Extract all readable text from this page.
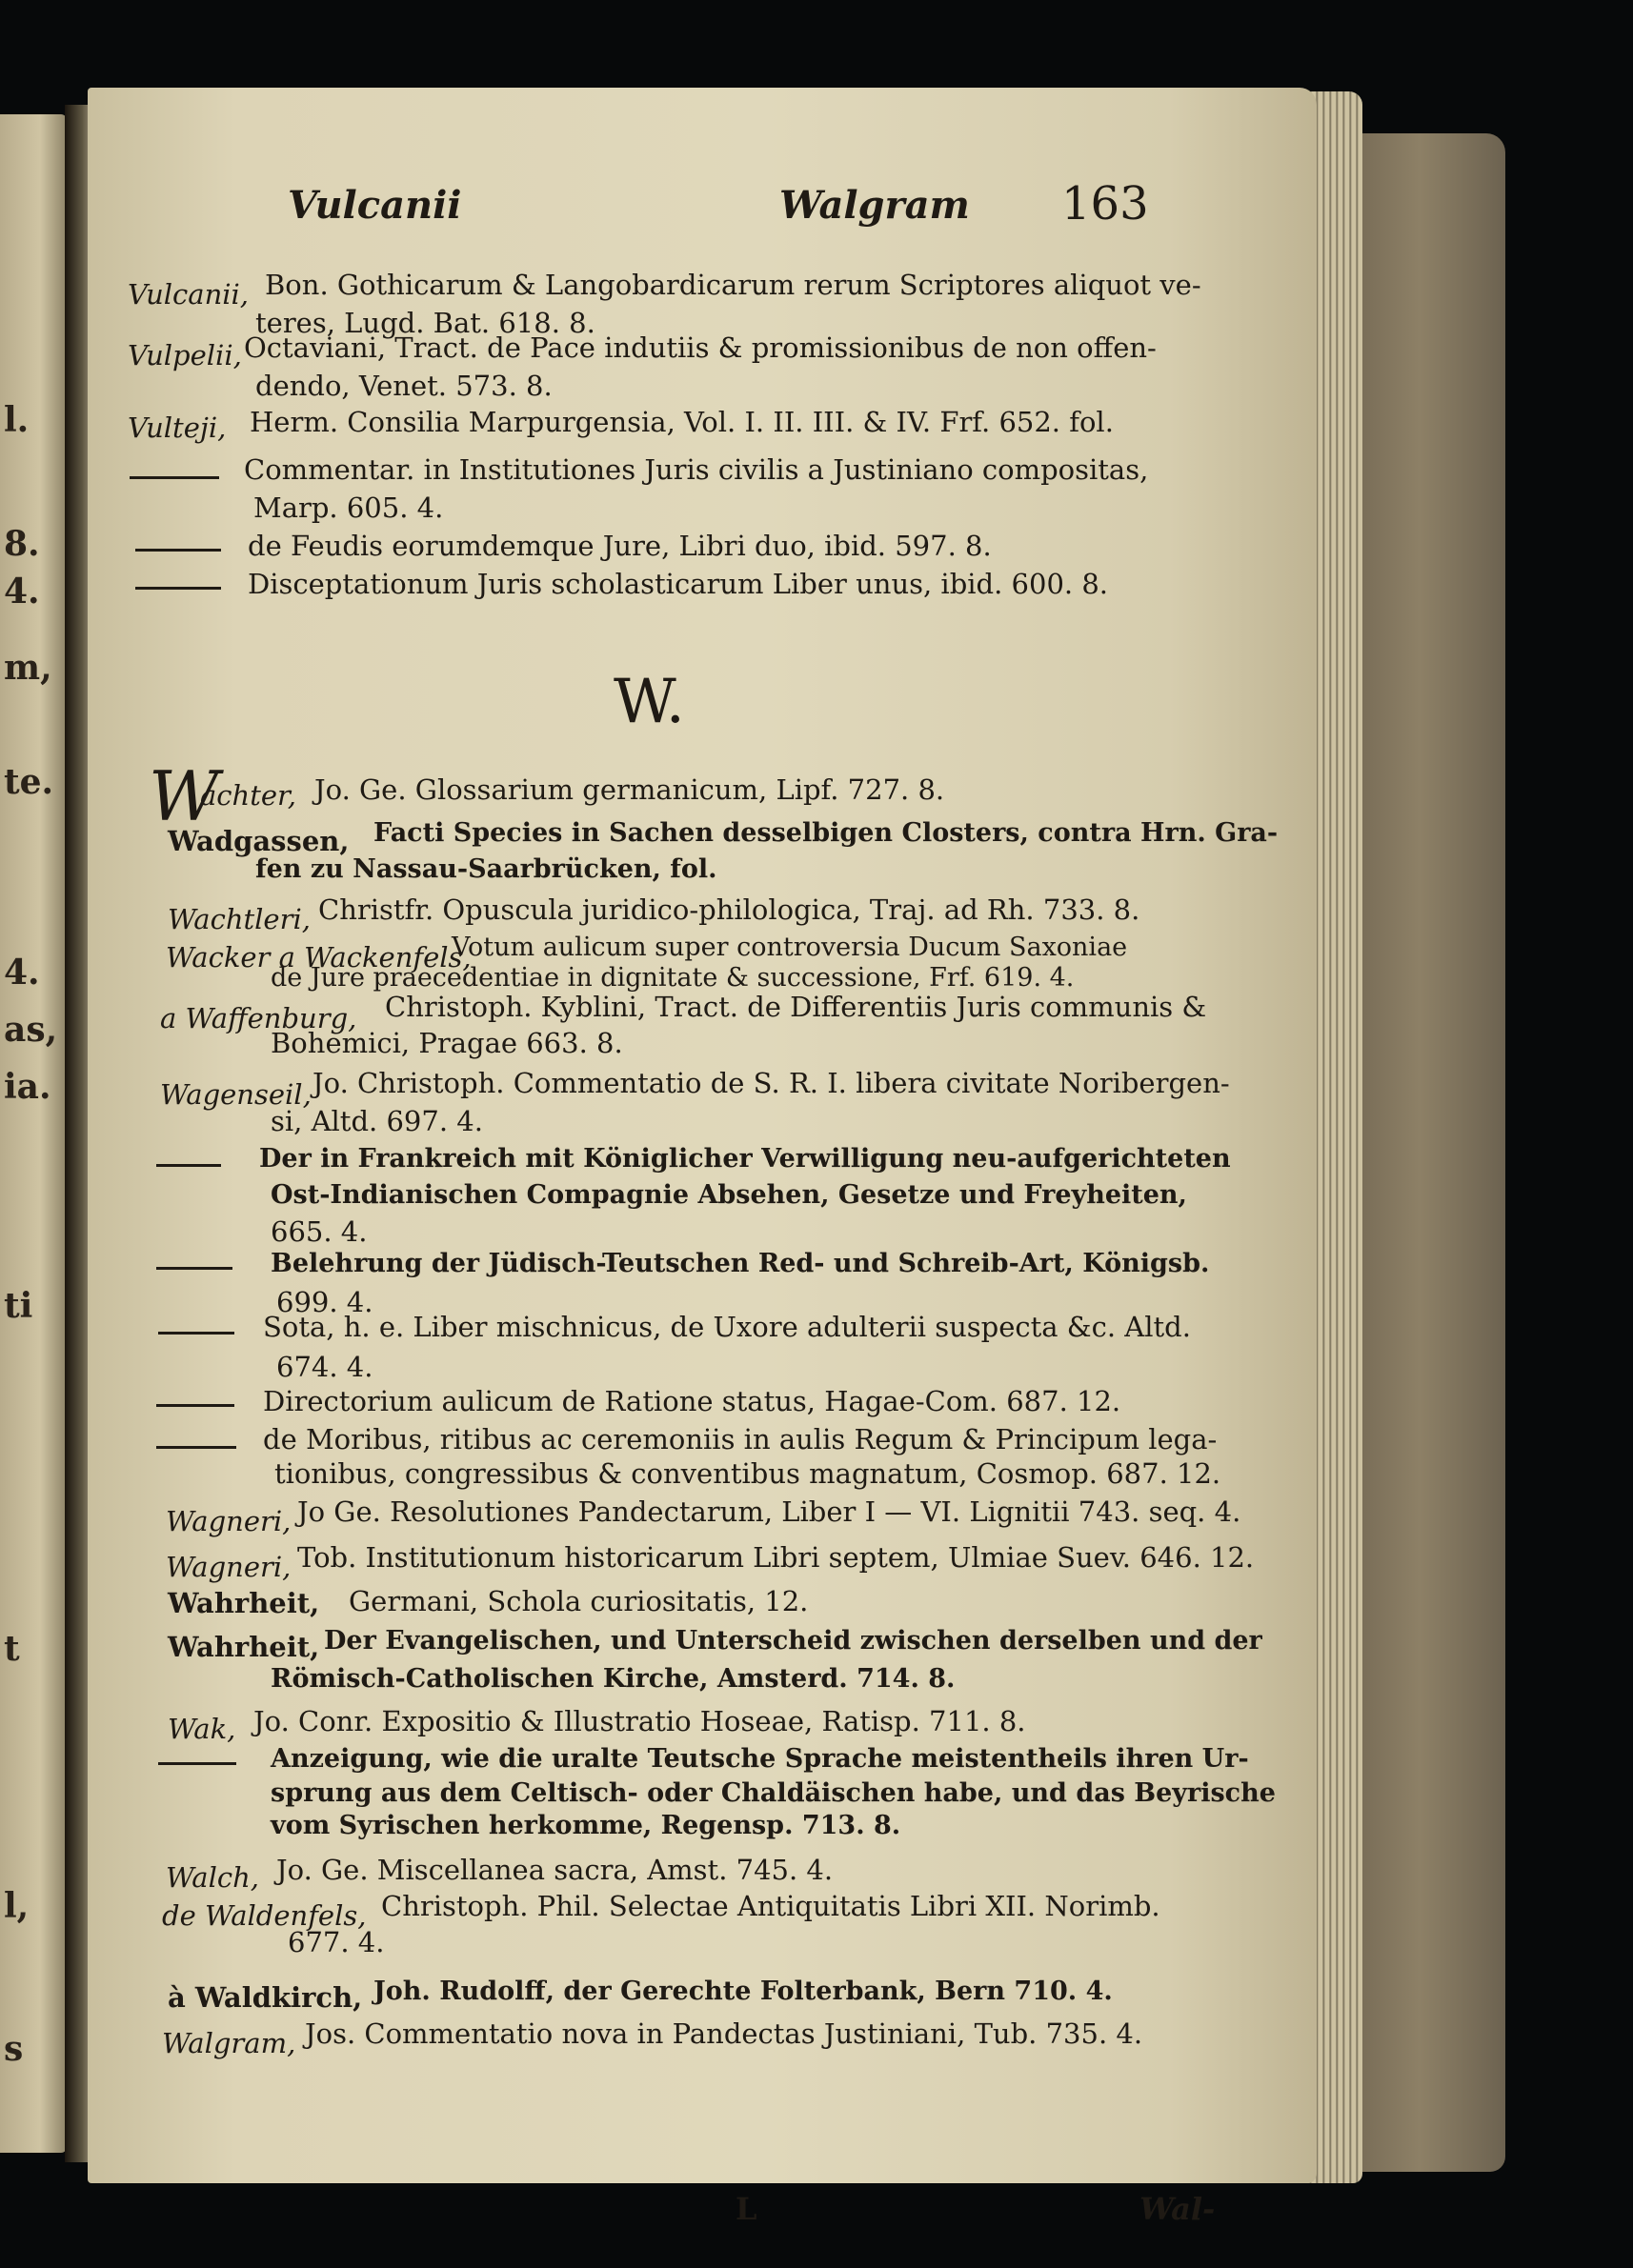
l.
8.
4.
m,
te.
4.
as,
ia.
ti
t
l,
s
Vulcanii	Walgram 163
Vulcanii, Bon. Gothicarum & Langobardicarum rerum Scriptores aliquot ve-
teres, Lugd. Bat. 618. 8.
Vulpelii, Octaviani, Tract. de Pace indutiis & promissionibus de non offen-
dendo, Venet. 573. 8.
Vulteji, Herm. Consilia Marpurgensia, Vol. I. II. III. & IV. Frf. 652. fol.
Commentar. in Institutiones Juris civilis a Justiniano compositas,
Marp. 605. 4.
de Feudis eorumdemque Jure, Libri duo, ibid. 597. 8.
Disceptationum Juris scholasticarum Liber unus, ibid. 600. 8.
W.
W
achter, Jo. Ge. Glossarium germanicum, Lipf. 727. 8.
Wadgassen, Facti Species in Sachen desselbigen Closters, contra Hrn. Gra-
fen zu Nassau-Saarbrücken, fol.
Wachtleri, Christfr. Opuscula juridico-philologica, Traj. ad Rh. 733. 8.
Wacker a Wackenfels,
Votum aulicum super controversia Ducum Saxoniae
de Jure praecedentiae in dignitate & successione, Frf. 619. 4.
a Waffenburg, Christoph. Kyblini, Tract. de Differentiis Juris communis &
Bohemici, Pragae 663. 8.
Wagenseil, Jo. Christoph. Commentatio de S. R. I. libera civitate Noribergen-
si, Altd. 697. 4.
Der in Frankreich mit Königlicher Verwilligung neu-aufgerichteten
Ost-Indianischen Compagnie Absehen, Gesetze und Freyheiten,
665. 4.
Belehrung der Jüdisch-Teutschen Red- und Schreib-Art, Königsb.
699. 4.
Sota, h. e. Liber mischnicus, de Uxore adulterii suspecta &c. Altd.
674. 4.
Directorium aulicum de Ratione status, Hagae-Com. 687. 12.
de Moribus, ritibus ac ceremoniis in aulis Regum & Principum lega-
tionibus, congressibus & conventibus magnatum, Cosmop. 687. 12.
Wagneri, Jo Ge. Resolutiones Pandectarum, Liber I — VI. Lignitii 743. seq. 4.
Wagneri, Tob. Institutionum historicarum Libri septem, Ulmiae Suev. 646. 12.
Wahrheit, Germani, Schola curiositatis, 12.
Wahrheit, Der Evangelischen, und Unterscheid zwischen derselben und der
Römisch-Catholischen Kirche, Amsterd. 714. 8.
Wak, Jo. Conr. Expositio & Illustratio Hoseae, Ratisp. 711. 8.
Anzeigung, wie die uralte Teutsche Sprache meistentheils ihren Ur-
sprung aus dem Celtisch- oder Chaldäischen habe, und das Beyrische
vom Syrischen herkomme, Regensp. 713. 8.
Walch, Jo. Ge. Miscellanea sacra, Amst. 745. 4.
de Waldenfels, Christoph. Phil. Selectae Antiquitatis Libri XII. Norimb.
677. 4.
à Waldkirch, Joh. Rudolff, der Gerechte Folterbank, Bern 710. 4.
Walgram, Jos. Commentatio nova in Pandectas Justiniani, Tub. 735. 4.
L	Wal-
